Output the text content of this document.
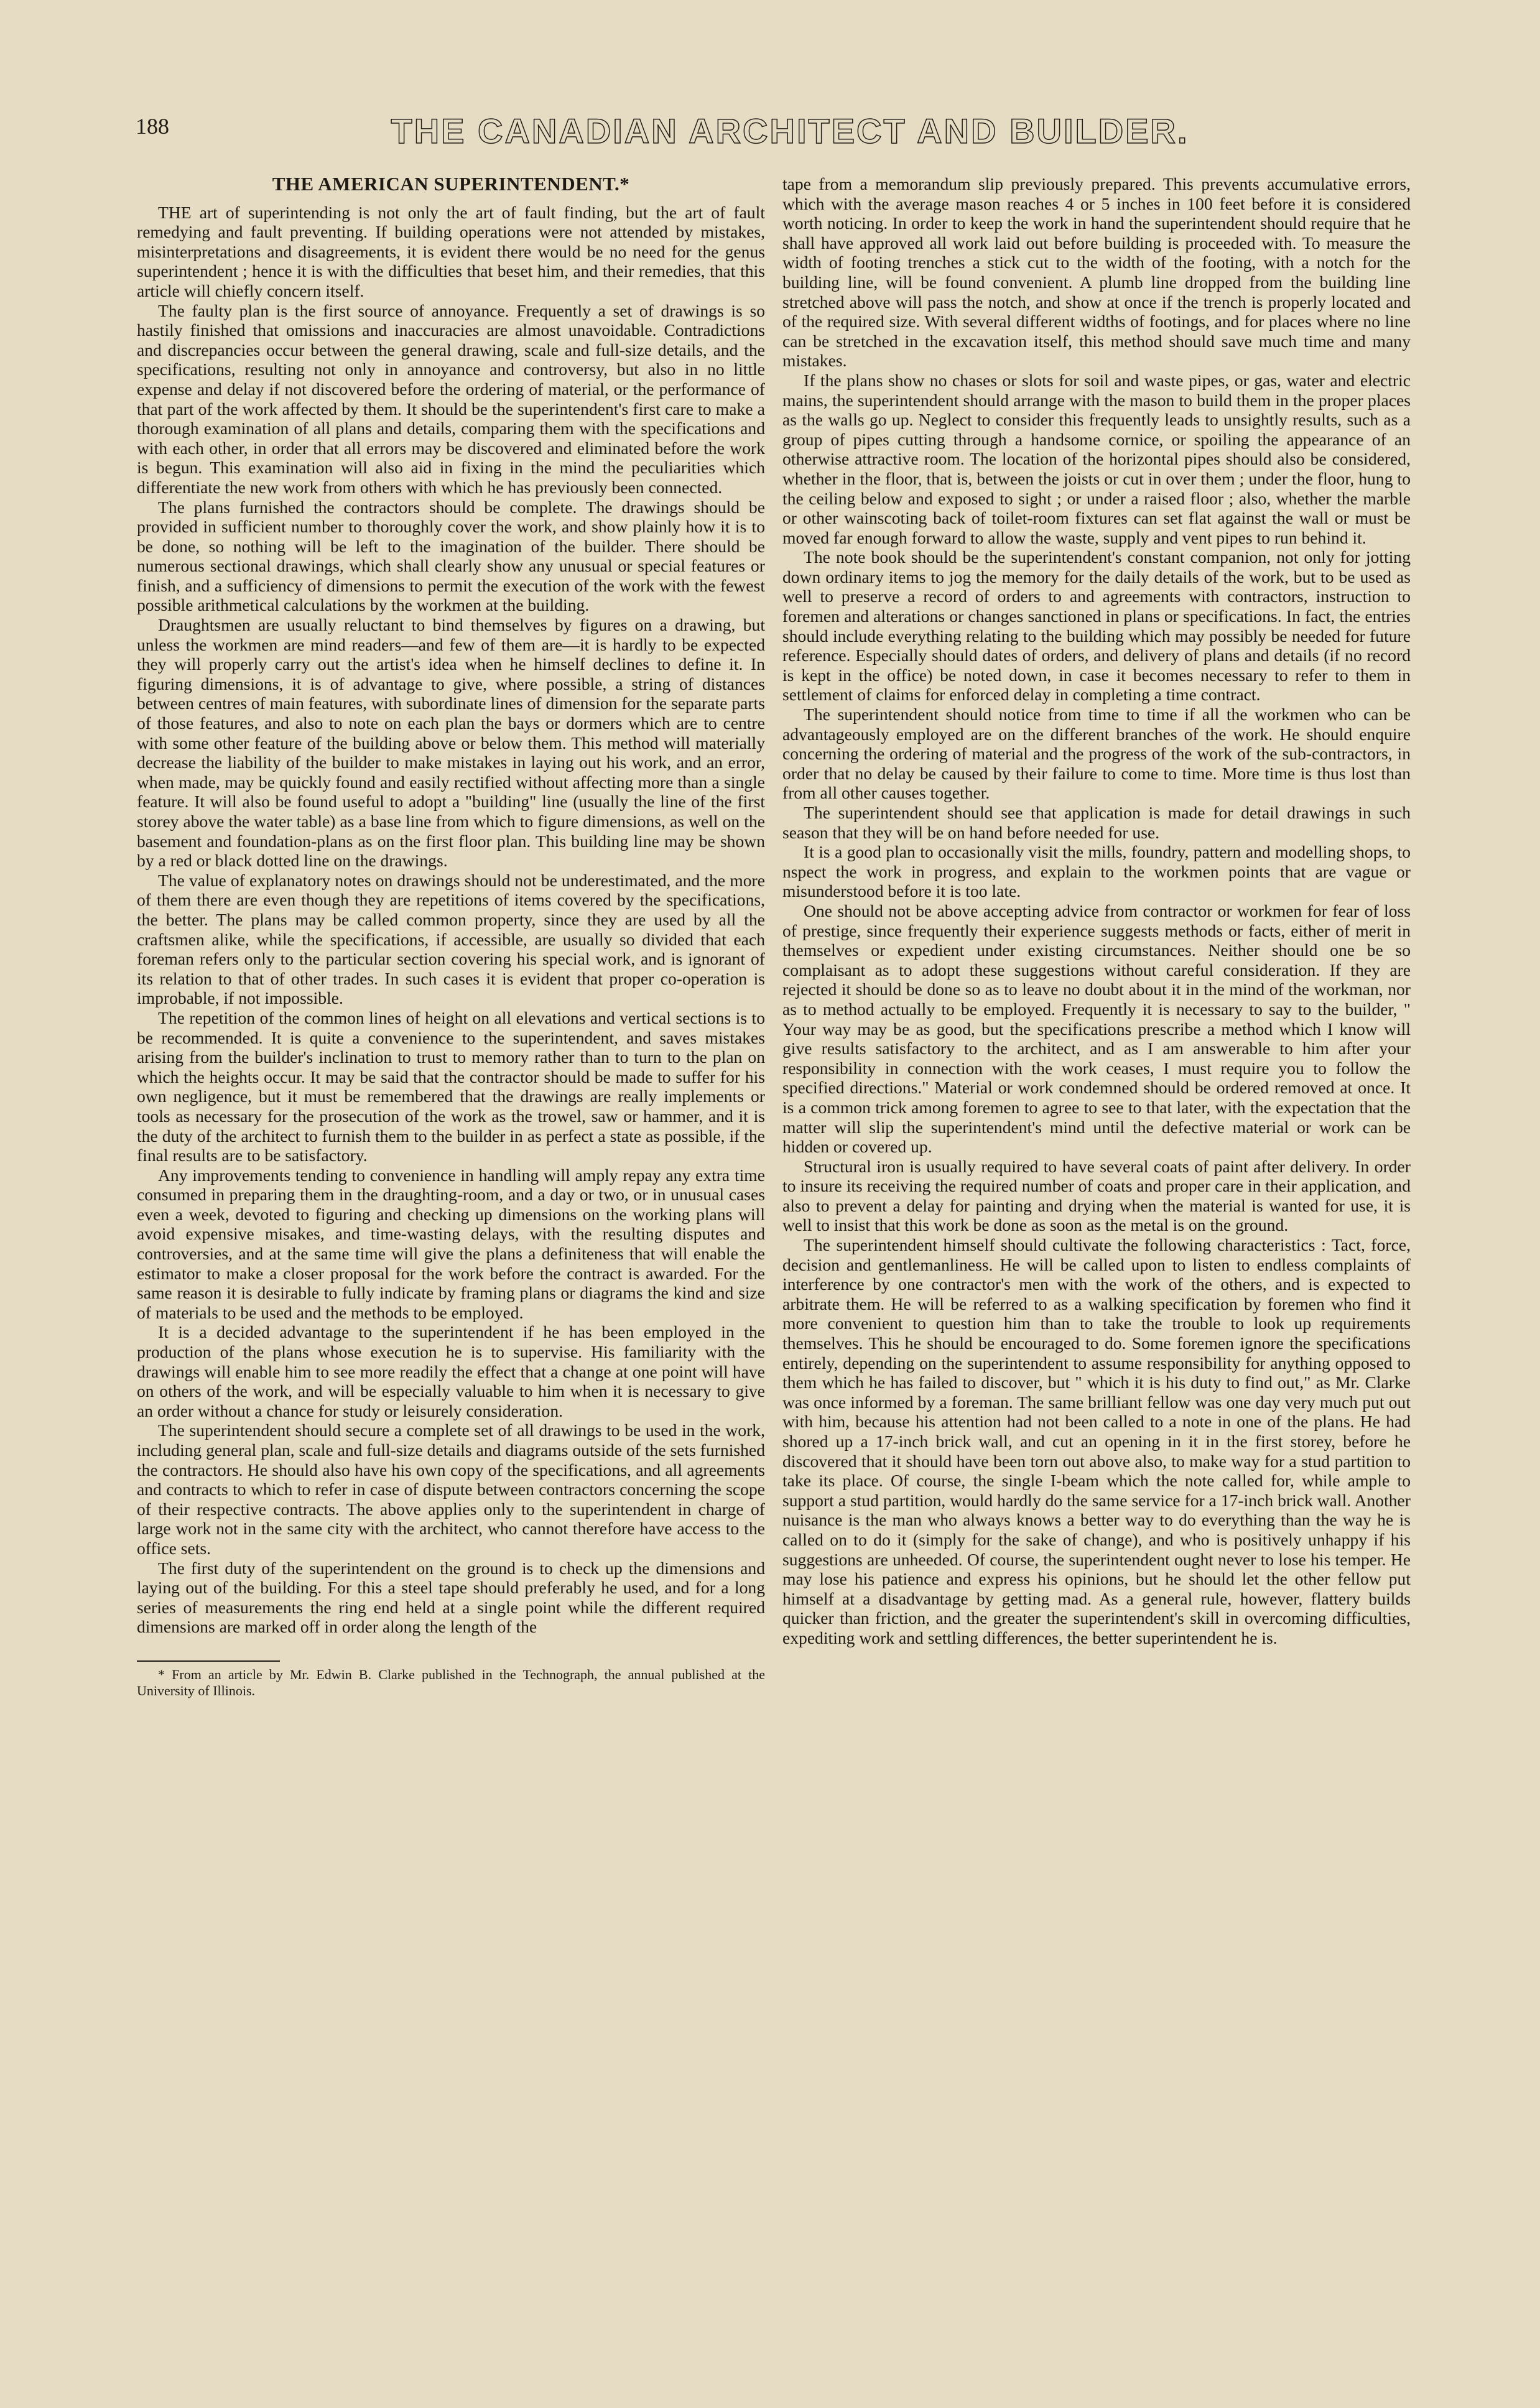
188	THE CANADIAN ARCHITECT AND BUILDER.
THE AMERICAN SUPERINTENDENT.*

THE art of superintending is not only the art of fault finding, but the art of fault remedying and fault preventing. If building operations were not attended by mistakes, misinterpretations and disagreements, it is evident there would be no need for the genus superintendent ; hence it is with the difficulties that beset him, and their remedies, that this article will chiefly concern itself.

The faulty plan is the first source of annoyance. Frequently a set of drawings is so hastily finished that omissions and inaccuracies are almost unavoidable. Contradictions and discrepancies occur between the general drawing, scale and full-size details, and the specifications, resulting not only in annoyance and controversy, but also in no little expense and delay if not discovered before the ordering of material, or the performance of that part of the work affected by them. It should be the superintendent's first care to make a thorough examination of all plans and details, comparing them with the specifications and with each other, in order that all errors may be discovered and eliminated before the work is begun. This examination will also aid in fixing in the mind the peculiarities which differentiate the new work from others with which he has previously been connected.

The plans furnished the contractors should be complete. The drawings should be provided in sufficient number to thoroughly cover the work, and show plainly how it is to be done, so nothing will be left to the imagination of the builder. There should be numerous sectional drawings, which shall clearly show any unusual or special features or finish, and a sufficiency of dimensions to permit the execution of the work with the fewest possible arithmetical calculations by the workmen at the building.

Draughtsmen are usually reluctant to bind themselves by figures on a drawing, but unless the workmen are mind readers—and few of them are—it is hardly to be expected they will properly carry out the artist's idea when he himself declines to define it. In figuring dimensions, it is of advantage to give, where possible, a string of distances between centres of main features, with subordinate lines of dimension for the separate parts of those features, and also to note on each plan the bays or dormers which are to centre with some other feature of the building above or below them. This method will materially decrease the liability of the builder to make mistakes in laying out his work, and an error, when made, may be quickly found and easily rectified without affecting more than a single feature. It will also be found useful to adopt a "building" line (usually the line of the first storey above the water table) as a base line from which to figure dimensions, as well on the basement and foundation-plans as on the first floor plan. This building line may be shown by a red or black dotted line on the drawings.

The value of explanatory notes on drawings should not be underestimated, and the more of them there are even though they are repetitions of items covered by the specifications, the better. The plans may be called common property, since they are used by all the craftsmen alike, while the specifications, if accessible, are usually so divided that each foreman refers only to the particular section covering his special work, and is ignorant of its relation to that of other trades. In such cases it is evident that proper co-operation is improbable, if not impossible.

The repetition of the common lines of height on all elevations and vertical sections is to be recommended. It is quite a convenience to the superintendent, and saves mistakes arising from the builder's inclination to trust to memory rather than to turn to the plan on which the heights occur. It may be said that the contractor should be made to suffer for his own negligence, but it must be remembered that the drawings are really implements or tools as necessary for the prosecution of the work as the trowel, saw or hammer, and it is the duty of the architect to furnish them to the builder in as perfect a state as possible, if the final results are to be satisfactory.

Any improvements tending to convenience in handling will amply repay any extra time consumed in preparing them in the draughting-room, and a day or two, or in unusual cases even a week, devoted to figuring and checking up dimensions on the working plans will avoid expensive misakes, and time-wasting delays, with the resulting disputes and controversies, and at the same time will give the plans a definiteness that will enable the estimator to make a closer proposal for the work before the contract is awarded. For the same reason it is desirable to fully indicate by framing plans or diagrams the kind and size of materials to be used and the methods to be employed.

It is a decided advantage to the superintendent if he has been employed in the production of the plans whose execution he is to supervise. His familiarity with the drawings will enable him to see more readily the effect that a change at one point will have on others of the work, and will be especially valuable to him when it is necessary to give an order without a chance for study or leisurely consideration.

The superintendent should secure a complete set of all drawings to be used in the work, including general plan, scale and full-size details and diagrams outside of the sets furnished the contractors. He should also have his own copy of the specifications, and all agreements and contracts to which to refer in case of dispute between contractors concerning the scope of their respective contracts. The above applies only to the superintendent in charge of large work not in the same city with the architect, who cannot therefore have access to the office sets.

The first duty of the superintendent on the ground is to check up the dimensions and laying out of the building. For this a steel tape should preferably he used, and for a long series of measurements the ring end held at a single point while the different required dimensions are marked off in order along the length of the

* From an article by Mr. Edwin B. Clarke published in the Technograph, the annual published at the University of Illinois.

tape from a memorandum slip previously prepared. This prevents accumulative errors, which with the average mason reaches 4 or 5 inches in 100 feet before it is considered worth noticing. In order to keep the work in hand the superintendent should require that he shall have approved all work laid out before building is proceeded with. To measure the width of footing trenches a stick cut to the width of the footing, with a notch for the building line, will be found convenient. A plumb line dropped from the building line stretched above will pass the notch, and show at once if the trench is properly located and of the required size. With several different widths of footings, and for places where no line can be stretched in the excavation itself, this method should save much time and many mistakes.

If the plans show no chases or slots for soil and waste pipes, or gas, water and electric mains, the superintendent should arrange with the mason to build them in the proper places as the walls go up. Neglect to consider this frequently leads to unsightly results, such as a group of pipes cutting through a handsome cornice, or spoiling the appearance of an otherwise attractive room. The location of the horizontal pipes should also be considered, whether in the floor, that is, between the joists or cut in over them ; under the floor, hung to the ceiling below and exposed to sight ; or under a raised floor ; also, whether the marble or other wainscoting back of toilet-room fixtures can set flat against the wall or must be moved far enough forward to allow the waste, supply and vent pipes to run behind it.

The note book should be the superintendent's constant companion, not only for jotting down ordinary items to jog the memory for the daily details of the work, but to be used as well to preserve a record of orders to and agreements with contractors, instruction to foremen and alterations or changes sanctioned in plans or specifications. In fact, the entries should include everything relating to the building which may possibly be needed for future reference. Especially should dates of orders, and delivery of plans and details (if no record is kept in the office) be noted down, in case it becomes necessary to refer to them in settlement of claims for enforced delay in completing a time contract.

The superintendent should notice from time to time if all the workmen who can be advantageously employed are on the different branches of the work. He should enquire concerning the ordering of material and the progress of the work of the sub-contractors, in order that no delay be caused by their failure to come to time. More time is thus lost than from all other causes together.

The superintendent should see that application is made for detail drawings in such season that they will be on hand before needed for use.

It is a good plan to occasionally visit the mills, foundry, pattern and modelling shops, to nspect the work in progress, and explain to the workmen points that are vague or misunderstood before it is too late.

One should not be above accepting advice from contractor or workmen for fear of loss of prestige, since frequently their experience suggests methods or facts, either of merit in themselves or expedient under existing circumstances. Neither should one be so complaisant as to adopt these suggestions without careful consideration. If they are rejected it should be done so as to leave no doubt about it in the mind of the workman, nor as to method actually to be employed. Frequently it is necessary to say to the builder, " Your way may be as good, but the specifications prescribe a method which I know will give results satisfactory to the architect, and as I am answerable to him after your responsibility in connection with the work ceases, I must require you to follow the specified directions." Material or work condemned should be ordered removed at once. It is a common trick among foremen to agree to see to that later, with the expectation that the matter will slip the superintendent's mind until the defective material or work can be hidden or covered up.

Structural iron is usually required to have several coats of paint after delivery. In order to insure its receiving the required number of coats and proper care in their application, and also to prevent a delay for painting and drying when the material is wanted for use, it is well to insist that this work be done as soon as the metal is on the ground.

The superintendent himself should cultivate the following characteristics : Tact, force, decision and gentlemanliness. He will be called upon to listen to endless complaints of interference by one contractor's men with the work of the others, and is expected to arbitrate them. He will be referred to as a walking specification by foremen who find it more convenient to question him than to take the trouble to look up requirements themselves. This he should be encouraged to do. Some foremen ignore the specifications entirely, depending on the superintendent to assume responsibility for anything opposed to them which he has failed to discover, but " which it is his duty to find out," as Mr. Clarke was once informed by a foreman. The same brilliant fellow was one day very much put out with him, because his attention had not been called to a note in one of the plans. He had shored up a 17-inch brick wall, and cut an opening in it in the first storey, before he discovered that it should have been torn out above also, to make way for a stud partition to take its place. Of course, the single I-beam which the note called for, while ample to support a stud partition, would hardly do the same service for a 17-inch brick wall. Another nuisance is the man who always knows a better way to do everything than the way he is called on to do it (simply for the sake of change), and who is positively unhappy if his suggestions are unheeded. Of course, the superintendent ought never to lose his temper. He may lose his patience and express his opinions, but he should let the other fellow put himself at a disadvantage by getting mad. As a general rule, however, flattery builds quicker than friction, and the greater the superintendent's skill in overcoming difficulties, expediting work and settling differences, the better superintendent he is.
